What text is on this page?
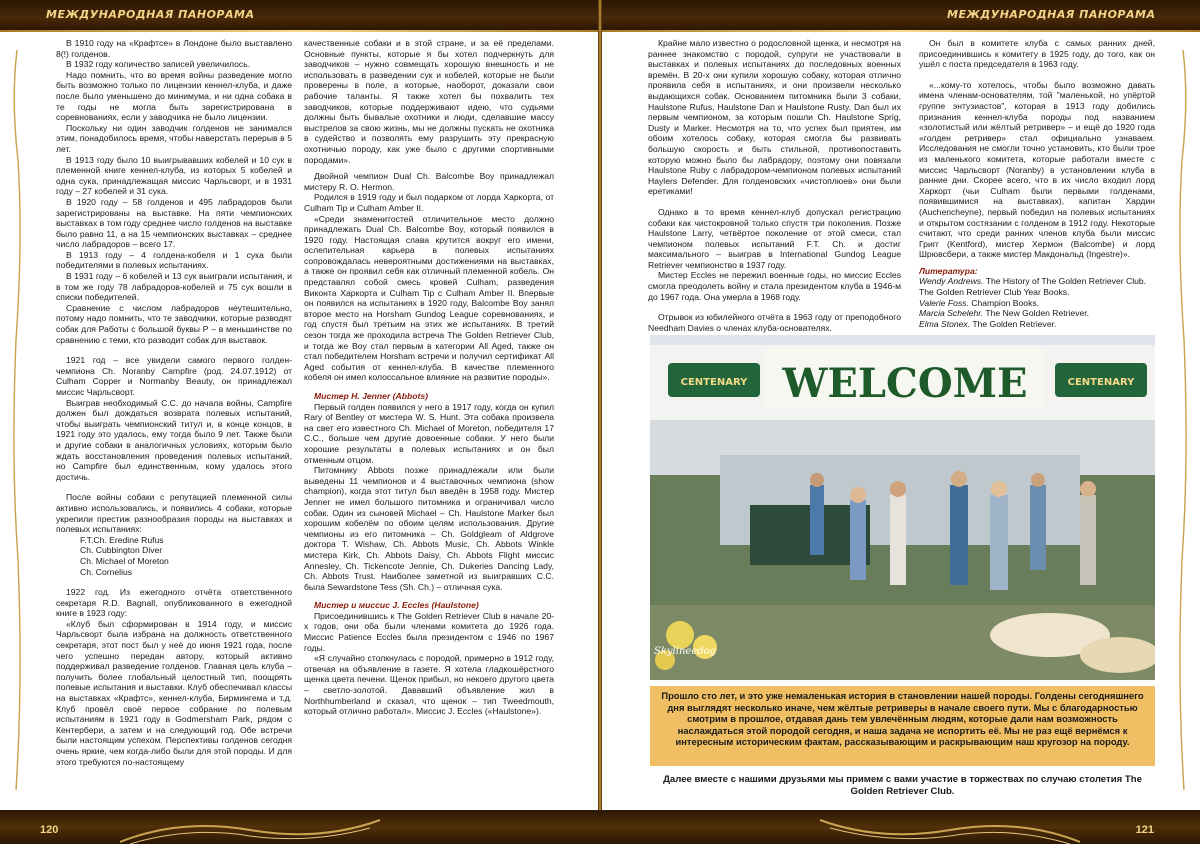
МЕЖДУНАРОДНАЯ ПАНОРАМА	МЕЖДУНАРОДНАЯ ПАНОРАМА

В 1910 году на «Крафтсе» в Лондоне было выставлено 8(!) голденов.

В 1932 году количество записей увеличилось.

Надо помнить, что во время войны разведение могло быть возможно только по лицензии кеннел-клуба, и даже после было уменьшено до минимума, и ни одна собака в те годы не могла быть зарегистрирована в соревнованиях, если у заводчика не было лицензии.

Поскольку ни один заводчик голденов не занимался этим, понадобилось время, чтобы наверстать перерыв в 5 лет.

В 1913 году было 10 выигрывавших кобелей и 10 сук в племенной книге кеннел-клуба, из которых 5 кобелей и одна сука, принадлежащая миссис Чарльсворт, и в 1931 году – 27 кобелей и 31 сука.

В 1920 году – 58 голденов и 495 лабрадоров были зарегистрированы на выставке. На пяти чемпионских выставках в том году среднее число голденов на выставке было равно 11, а на 15 чемпионских выставках – среднее число лабрадоров – всего 17.

В 1913 году – 4 голдена-кобеля и 1 сука были победителями в полевых испытаниях.

В 1931 году – 6 кобелей и 13 сук выиграли испытания, и в том же году 78 лабрадоров-кобелей и 75 сук вошли в списки победителей.

Сравнение с числом лабрадоров неутешительно, потому надо помнить, что те заводчики, которые разводят собак для Работы с большой буквы Р – в меньшинстве по сравнению с теми, кто разводит собак для выставок.

1921 год – все увидели самого первого голден-чемпиона Ch. Noranby Campfire (род. 24.07.1912) от Culham Copper и Normanby Beauty, он принадлежал миссис Чарльсворт.

Выиграв необходимый С.С. до начала войны, Campfire должен был дождаться возврата полевых испытаний, чтобы выиграть чемпионский титул и, в конце концов, в 1921 году это удалось, ему тогда было 9 лет. Также были и другие собаки в аналогичных условиях, которым было ждать восстановления проведения полевых испытаний, но Campfire был единственным, кому удалось этого достичь.

После войны собаки с репутацией племенной силы активно использовались, и появились 4 собаки, которые укрепили престиж разнообразия породы на выставках и полевых испытаниях:

F.T.Ch. Eredine Rufus

Ch. Cubbington Diver

Ch. Michael of Moreton

Ch. Cornelius

1922 год. Из ежегодного отчёта ответственного секретаря R.D. Bagnall, опубликованного в ежегодной книге в 1923 году:

«Клуб был сформирован в 1914 году, и миссис Чарльсворт была избрана на должность ответственного секретаря, этот пост был у неё до июня 1921 года, после чего успешно передан автору, который активно поддерживал разведение голденов. Главная цель клуба – получить более глобальный целостный тип, поощрять полевые испытания и выставки. Клуб обеспечивал классы на выставках «Крафтс», кеннел-клуба, Бирмингема и т.д. Клуб провёл своё первое собрание по полевым испытаниям в 1921 году в Godmersham Park, рядом с Кентербери, а затем и на следующий год. Обе встречи были настоящим успехом. Перспективы голденов сегодня очень яркие, чем когда-либо были для этой породы. И для этого требуются по-настоящему

качественные собаки и в этой стране, и за её пределами. Основные пункты, которые я бы хотел подчеркнуть для заводчиков – нужно совмещать хорошую внешность и не использовать в разведении сук и кобелей, которые не были проверены в поле, а которые, наоборот, доказали свои рабочие таланты. Я также хотел бы похвалить тех заводчиков, которые поддерживают идею, что судьями должны быть бывалые охотники и люди, сделавшие массу выстрелов за свою жизнь, мы не должны пускать не охотника в судейство и позволять ему разрушить эту прекрасную охотничью породу, как уже было с другими спортивными породами».

Двойной чемпион Dual Ch. Balcombe Boy принадлежал мистеру R. O. Hermon.

Родился в 1919 году и был подарком от лорда Харкорта, от Culham Tip и Culham Amber II.

«Среди знаменитостей отличительное место должно принадлежать Dual Ch. Balcombe Boy, который появился в 1920 году. Настоящая слава крутится вокруг его имени, ослепительная карьера в полевых испытаниях сопровождалась невероятными достижениями на выставках, а также он проявил себя как отличный племенной кобель. Он представлял собой смесь кровей Culham, разведения Виконта Харкорта и Culham Tip с Culham Amber II. Впервые он появился на испытаниях в 1920 году, Balcombe Boy занял второе место на Horsham Gundog League соревнованиях, и год спустя был третьим на этих же испытаниях. В третий сезон тогда же проходила встреча The Golden Retriever Club, и тогда же Boy стал первым в категории All Aged, также он стал победителем Horsham встречи и получил сертификат All Aged события от кеннел-клуба. В качестве племенного кобеля он имел колоссальное влияние на развитие породы».

Мистер H. Jenner (Abbots)

Первый голден появился у него в 1917 году, когда он купил Rary of Bentley от мистера W. S. Hunt. Эта собака произвела на свет его известного Ch. Michael of Moreton, победителя 17 С.С., больше чем другие довоенные собаки. У него были хорошие результаты в полевых испытаниях и он был отменным отцом.

Питомнику Abbots позже принадлежали или были выведены 11 чемпионов и 4 выставочных чемпиона (show champion), когда этот титул был введён в 1958 году. Мистер Jenner не имел большого питомника и ограничивал число собак. Один из сыновей Michael – Ch. Haulstone Marker был хорошим кобелём по обоим целям использования. Другие чемпионы из его питомника – Ch. Goldgleam of Aldgrove доктора T. Wishaw, Ch. Abbots Music, Ch. Abbots Winkle мистера Kirk, Ch. Abbots Daisy, Ch. Abbots Flight миссис Annesley, Ch. Tickencote Jennie, Ch. Dukeries Dancing Lady, Ch. Abbots Trust. Наиболее заметной из выигравших С.С. была Sewardstone Tess (Sh. Ch.) – отличная сука.

Мистер и миссис J. Eccles (Haulstone)

Присоединившись к The Golden Retriever Club в начале 20-х годов, они оба были членами комитета до 1926 года. Миссис Patience Eccles была президентом с 1946 по 1967 годы.

«Я случайно столкнулась с породой, примерно в 1912 году, отвечая на объявление в газете. Я хотела гладкошёрстного щенка цвета печени. Щенок прибыл, но некоего другого цвета – светло-золотой. Дававший объявление жил в Northhumberland и сказал, что щенок – тип Tweedmouth, который отлично работал». Миссис J. Eccles («Haulstone»).

Крайне мало известно о родословной щенка, и несмотря на раннее знакомство с породой, супруги не участвовали в выставках и полевых испытаниях до последовных военных времён. В 20-х они купили хорошую собаку, которая отлично проявила себя в испытаниях, и они произвели несколько выдающихся собак. Основанием питомника были 3 собаки, Haulstone Rufus, Haulstone Dan и Haulstone Rusty. Dan был их первым чемпионом, за которым пошли Ch. Haulstone Sprig, Dusty и Marker. Несмотря на то, что успех был приятен, им обоим хотелось собаку, которая смогла бы развивать большую скорость и быть стильной, противопоставить которую можно было бы лабрадору, поэтому они повязали Haulstone Ruby с лабрадором-чемпионом полевых испытаний Haylers Defender. Для голденовских «чистоплюев» они были еретиками!

Однако в то время кеннел-клуб допускал регистрацию собаки как чистокровной только спустя три поколения. Позже Haulstone Larry, четвёртое поколение от этой смеси, стал чемпионом полевых испытаний F.T. Ch. и достиг максимального – выиграв в International Gundog League Retriever чемпионство в 1937 году.

Мистер Eccles не пережил военные годы, но миссис Eccles смогла преодолеть войну и стала президентом клуба в 1946-м до 1967 года. Она умерла в 1968 году.

Отрывок из юбилейного отчёта в 1963 году от преподобного Needham Davies о членах клуба-основателях.

Он был в комитете клуба с самых ранних дней, присоединившись к комитету в 1925 году, до того, как он ушёл с поста председателя в 1963 году.

«...кому-то хотелось, чтобы было возможно давать имена членам-основателям, той "маленькой, но упёртой группе энтузиастов", которая в 1913 году добились признания кеннел-клуба породы под названием «золотистый или жёлтый ретривер» – и ещё до 1920 года «голден ретривер» стал официально узнаваем. Исследования не смогли точно установить, кто были трое из маленького комитета, которые работали вместе с миссис Чарльсворт (Noranby) в установлении клуба в ранние дни. Скорее всего, что в их число входил лорд Харкорт (чьи Culham были первыми голденами, появившимися на выставках), капитан Хардин (Auchencheyne), первый победил на полевых испытаниях и открытом состязании с голденом в 1912 году. Некоторые считают, что среди ранних членов клуба были миссис Григг (Kentford), мистер Хермон (Balcombe) и лорд Шрювсбери, а также мистер Макдональд (Ingestre)».

Литература:

Wendy Andrews. The History of The Golden Retriever Club.

The Golden Retriever Club Year Books.

Valerie Foss. Champion Books.

Marcia Schelehr. The New Golden Retriever.

Elma Stonex. The Golden Retriever.

WELCOME
CENTENARY	CENTENARY
Skylineedog
Прошло сто лет, и это уже немаленькая история в становлении нашей породы. Голдены сегодняшнего дня выглядят несколько иначе, чем жёлтые ретриверы в начале своего пути. Мы с благодарностью смотрим в прошлое, отдавая дань тем увлечённым людям, которые дали нам возможность наслаждаться этой породой сегодня, и наша задача не испортить её. Мы не раз ещё вернёмся к интересным историческим фактам, рассказывающим и раскрывающим наш кругозор на породу.
Далее вместе с нашими друзьями мы примем с вами участие в торжествах по случаю столетия The Golden Retriever Club.
120	121
